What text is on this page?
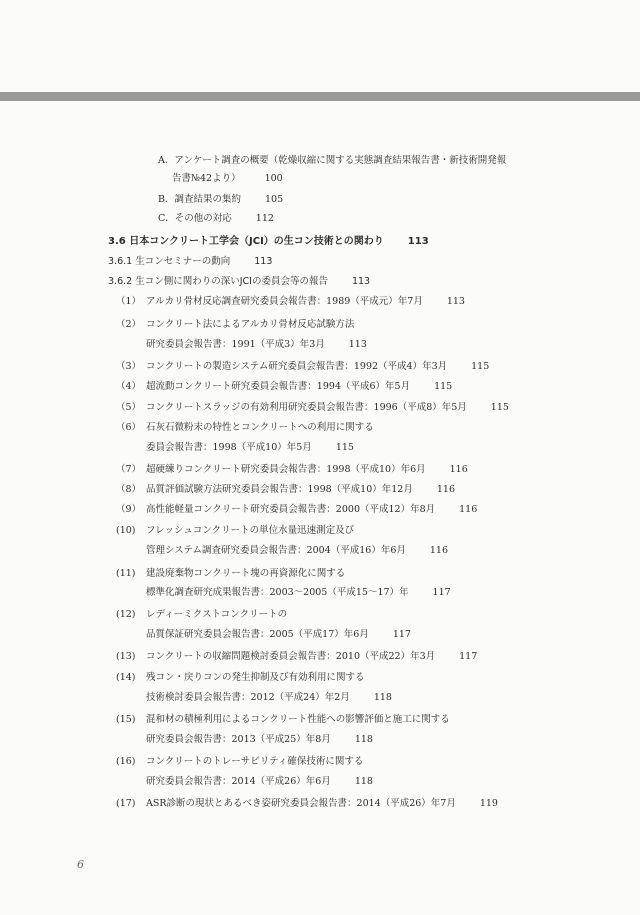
A．アンケート調査の概要（乾燥収縮に関する実態調査結果報告書・新技術開発報
告書№42より）	100
B．調査結果の集約	105
C．その他の対応	112
3.6 日本コンクリート工学会（JCI）の生コン技術との関わり 113
3.6.1 生コンセミナーの動向	113
3.6.2 生コン側に関わりの深いJCIの委員会等の報告	113
（1） アルカリ骨材反応調査研究委員会報告書：1989（平成元）年7月	113
（2） コンクリート法によるアルカリ骨材反応試験方法
研究委員会報告書：1991（平成3）年3月	113
（3） コンクリートの製造システム研究委員会報告書：1992（平成4）年3月	115
（4） 超流動コンクリート研究委員会報告書：1994（平成6）年5月	115
（5） コンクリートスラッジの有効利用研究委員会報告書：1996（平成8）年5月	115
（6） 石灰石微粉末の特性とコンクリートへの利用に関する
委員会報告書：1998（平成10）年5月	115
（7） 超硬練りコンクリート研究委員会報告書：1998（平成10）年6月	116
（8） 品質評価試験方法研究委員会報告書：1998（平成10）年12月	116
（9） 高性能軽量コンクリート研究委員会報告書：2000（平成12）年8月	116
(10) フレッシュコンクリートの単位水量迅速測定及び
管理システム調査研究委員会報告書：2004（平成16）年6月	116
(11) 建設廃棄物コンクリート塊の再資源化に関する
標準化調査研究成果報告書：2003～2005（平成15～17）年	117
(12) レディーミクストコンクリートの
品質保証研究委員会報告書：2005（平成17）年6月	117
(13) コンクリートの収縮問題検討委員会報告書：2010（平成22）年3月	117
(14) 残コン・戻りコンの発生抑制及び有効利用に関する
技術検討委員会報告書：2012（平成24）年2月	118
(15) 混和材の積極利用によるコンクリート性能への影響評価と施工に関する
研究委員会報告書：2013（平成25）年8月	118
(16) コンクリートのトレーサビリティ確保技術に関する
研究委員会報告書：2014（平成26）年6月	118
(17) ASR診断の現状とあるべき姿研究委員会報告書：2014（平成26）年7月	119
6
